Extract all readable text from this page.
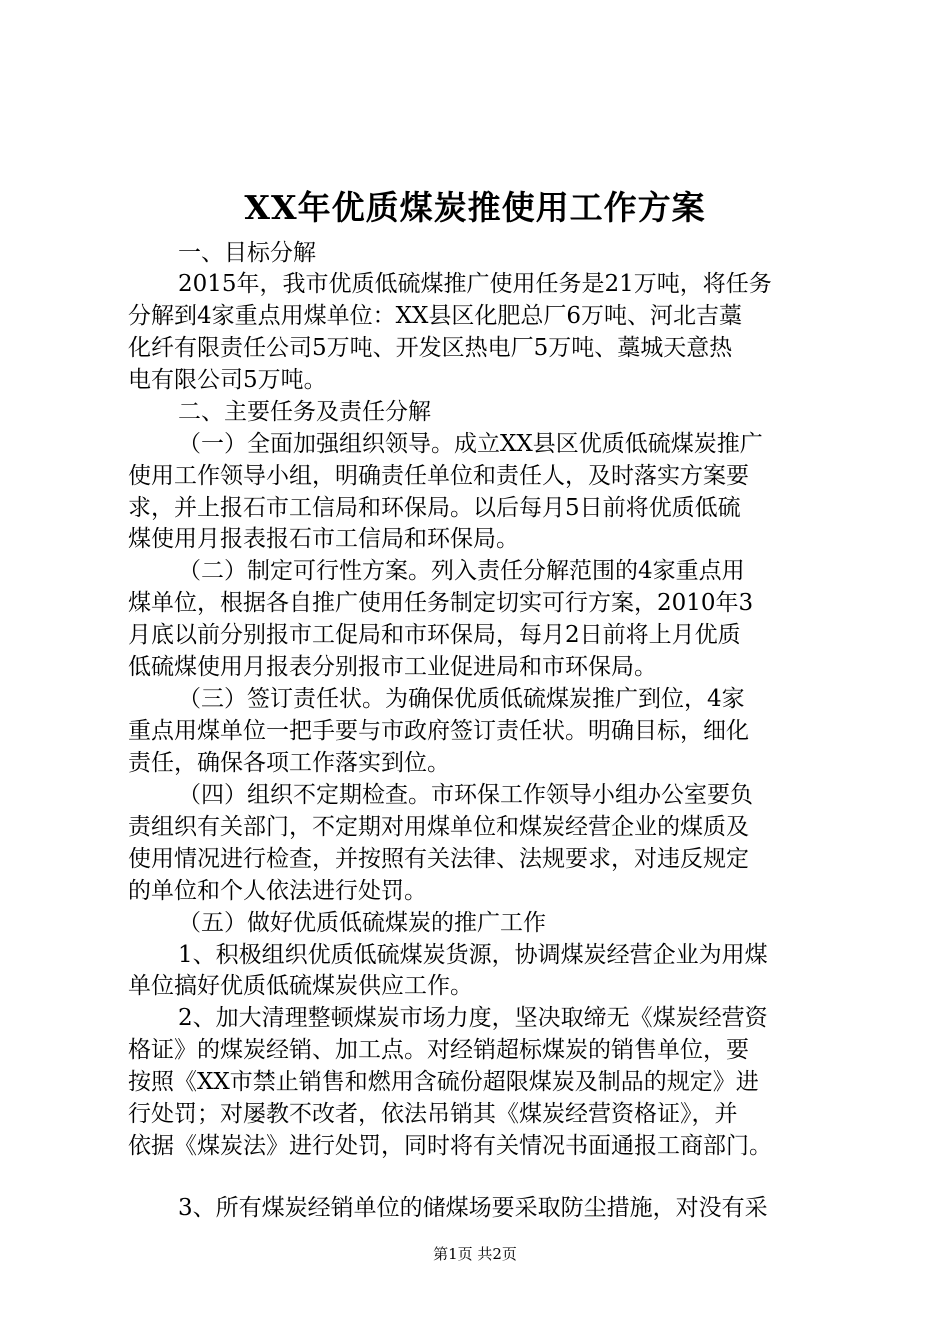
XX年优质煤炭推使用工作方案

一、目标分解

2015年，我市优质低硫煤推广使用任务是21万吨，将任务

分解到4家重点用煤单位：XX县区化肥总厂6万吨、河北吉藁

化纤有限责任公司5万吨、开发区热电厂5万吨、藁城天意热

电有限公司5万吨。

二、主要任务及责任分解

（一）全面加强组织领导。成立XX县区优质低硫煤炭推广

使用工作领导小组，明确责任单位和责任人，及时落实方案要

求，并上报石市工信局和环保局。以后每月5日前将优质低硫

煤使用月报表报石市工信局和环保局。

（二）制定可行性方案。列入责任分解范围的4家重点用

煤单位，根据各自推广使用任务制定切实可行方案，2010年3

月底以前分别报市工促局和市环保局，每月2日前将上月优质

低硫煤使用月报表分别报市工业促进局和市环保局。

（三）签订责任状。为确保优质低硫煤炭推广到位，4家

重点用煤单位一把手要与市政府签订责任状。明确目标，细化

责任，确保各项工作落实到位。

（四）组织不定期检查。市环保工作领导小组办公室要负

责组织有关部门，不定期对用煤单位和煤炭经营企业的煤质及

使用情况进行检查，并按照有关法律、法规要求，对违反规定

的单位和个人依法进行处罚。

（五）做好优质低硫煤炭的推广工作

1、积极组织优质低硫煤炭货源，协调煤炭经营企业为用煤

单位搞好优质低硫煤炭供应工作。

2、加大清理整顿煤炭市场力度，坚决取缔无《煤炭经营资

格证》的煤炭经销、加工点。对经销超标煤炭的销售单位，要

按照《XX市禁止销售和燃用含硫份超限煤炭及制品的规定》进

行处罚；对屡教不改者，依法吊销其《煤炭经营资格证》，并

依据《煤炭法》进行处罚，同时将有关情况书面通报工商部门。

3、所有煤炭经销单位的储煤场要采取防尘措施，对没有采

第1页 共2页
